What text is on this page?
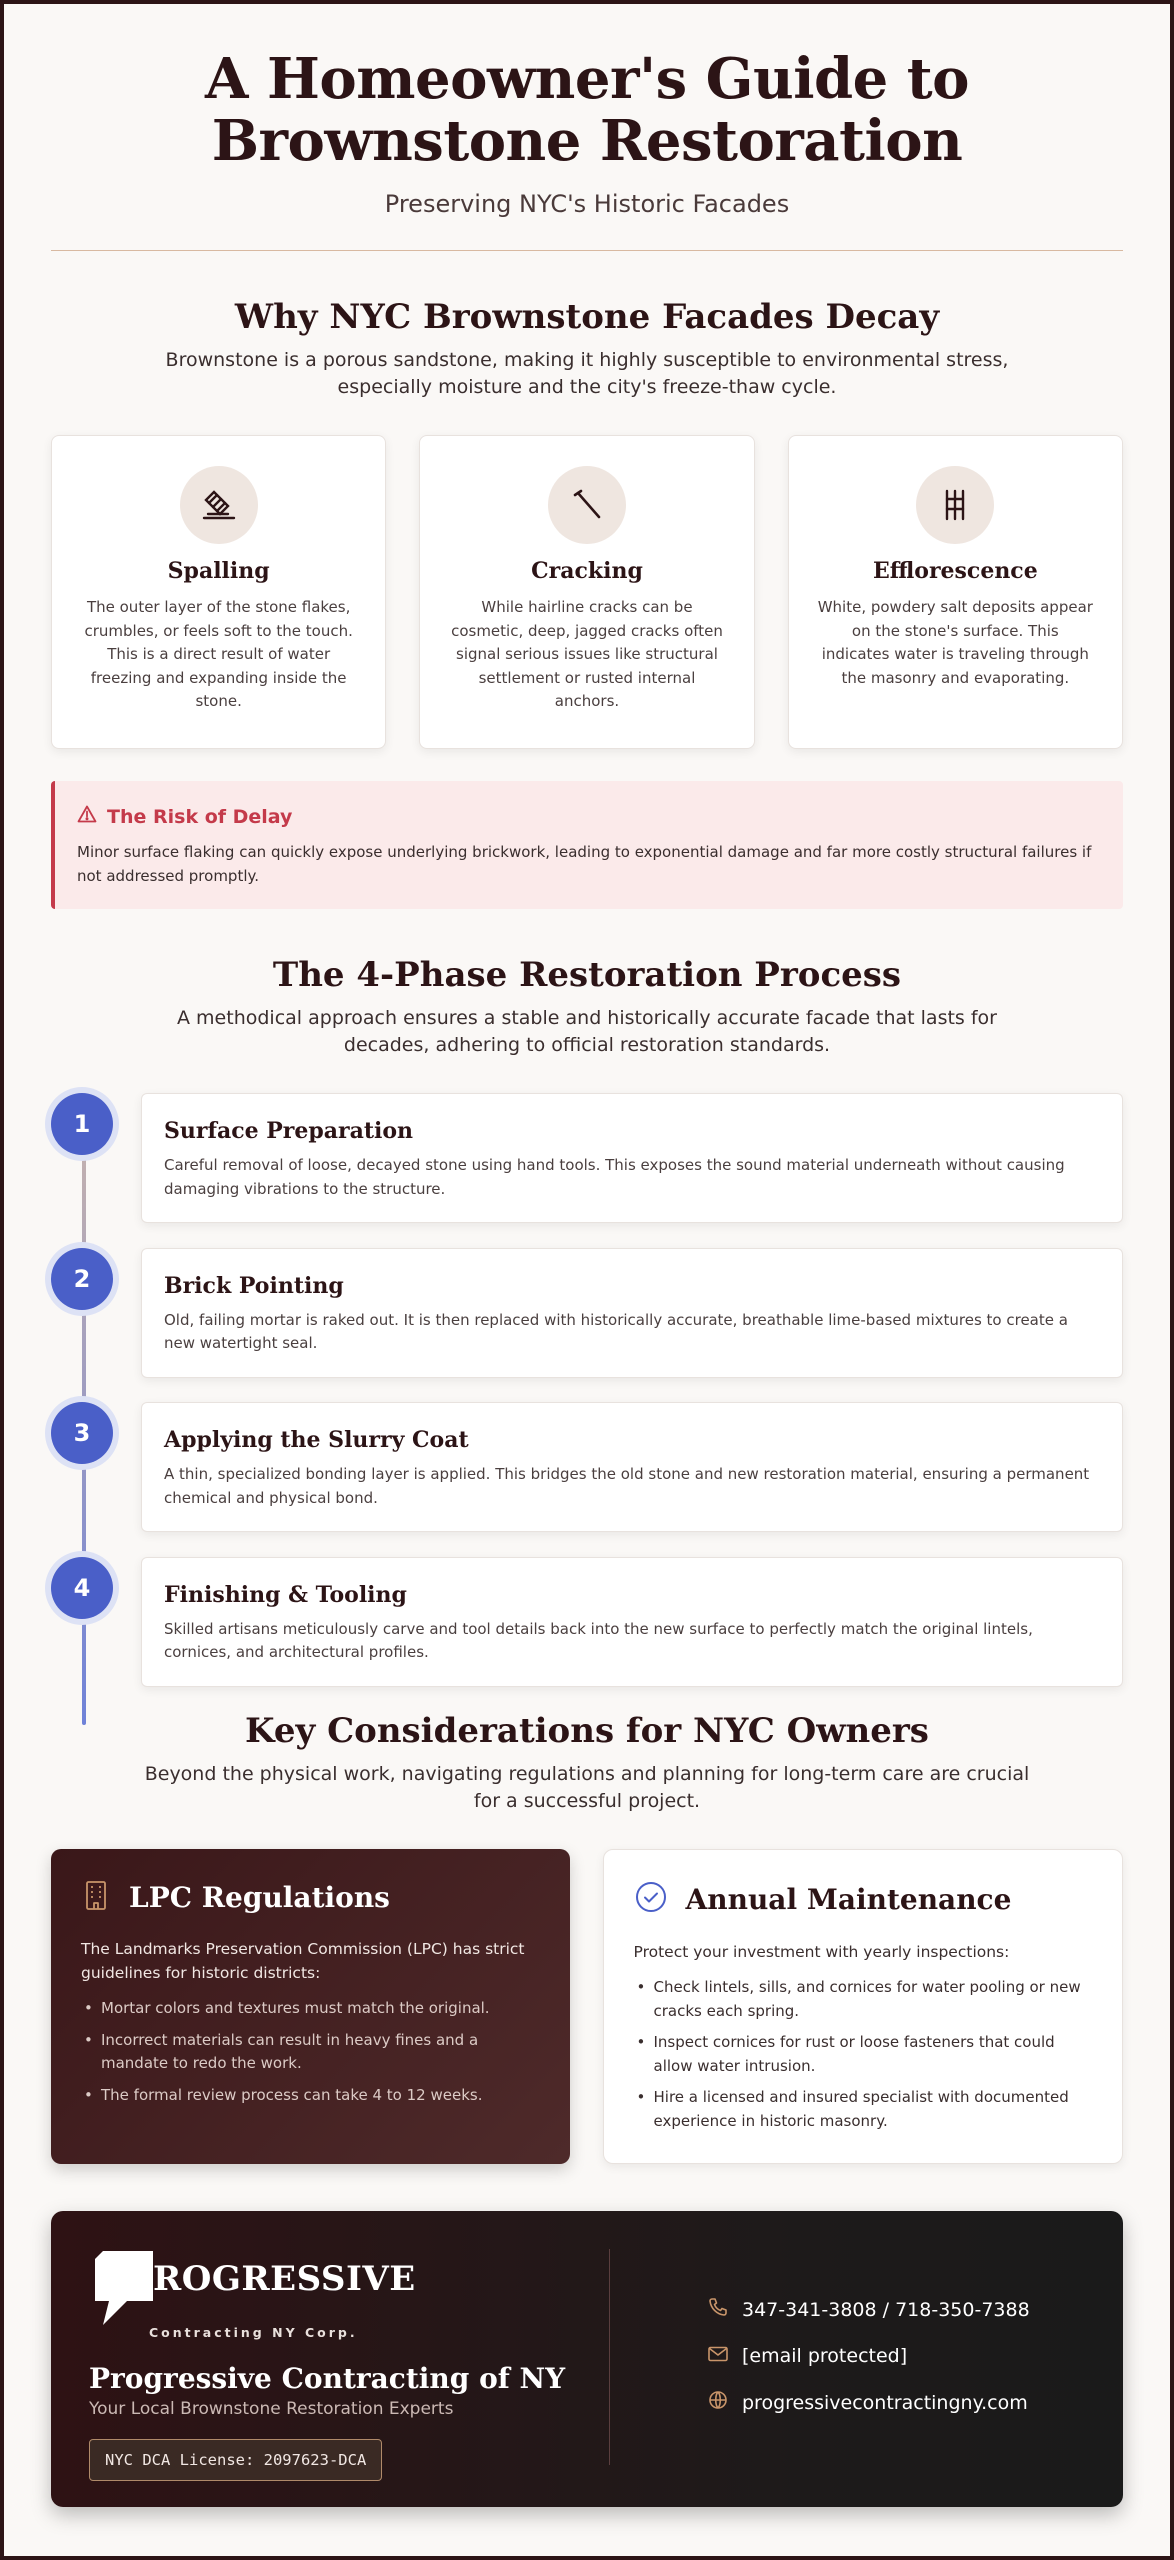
A Homeowner's Guide to
Brownstone Restoration
Preserving NYC's Historic Facades
Why NYC Brownstone Facades Decay

Brownstone is a porous sandstone, making it highly susceptible to environmental stress, especially moisture and the city's freeze-thaw cycle.

Spalling
The outer layer of the stone flakes, crumbles, or feels soft to the touch. This is a direct result of water freezing and expanding inside the stone.
Cracking
While hairline cracks can be cosmetic, deep, jagged cracks often signal serious issues like structural settlement or rusted internal anchors.
Efflorescence
White, powdery salt deposits appear on the stone's surface. This indicates water is traveling through the masonry and evaporating.
The Risk of Delay

Minor surface flaking can quickly expose underlying brickwork, leading to exponential damage and far more costly structural failures if not addressed promptly.

The 4-Phase Restoration Process

A methodical approach ensures a stable and historically accurate facade that lasts for decades, adhering to official restoration standards.

1	Surface Preparation
Careful removal of loose, decayed stone using hand tools. This exposes the sound material underneath without causing damaging vibrations to the structure.
2	Brick Pointing
Old, failing mortar is raked out. It is then replaced with historically accurate, breathable lime-based mixtures to create a new watertight seal.
3	Applying the Slurry Coat
A thin, specialized bonding layer is applied. This bridges the old stone and new restoration material, ensuring a permanent chemical and physical bond.
4	Finishing & Tooling
Skilled artisans meticulously carve and tool details back into the new surface to perfectly match the original lintels, cornices, and architectural profiles.
Key Considerations for NYC Owners

Beyond the physical work, navigating regulations and planning for long-term care are crucial for a successful project.

LPC Regulations

The Landmarks Preservation Commission (LPC) has strict guidelines for historic districts:

• Mortar colors and textures must match the original.
• Incorrect materials can result in heavy fines and a mandate to redo the work.
• The formal review process can take 4 to 12 weeks.
Annual Maintenance

Protect your investment with yearly inspections:

• Check lintels, sills, and cornices for water pooling or new cracks each spring.
• Inspect cornices for rust or loose fasteners that could allow water intrusion.
• Hire a licensed and insured specialist with documented experience in historic masonry.
ROGRESSIVE
Contracting NY Corp.
Progressive Contracting of NY
Your Local Brownstone Restoration Experts
NYC DCA License: 2097623-DCA
347-341-3808 / 718-350-7388
[email protected]
progressivecontractingny.com
